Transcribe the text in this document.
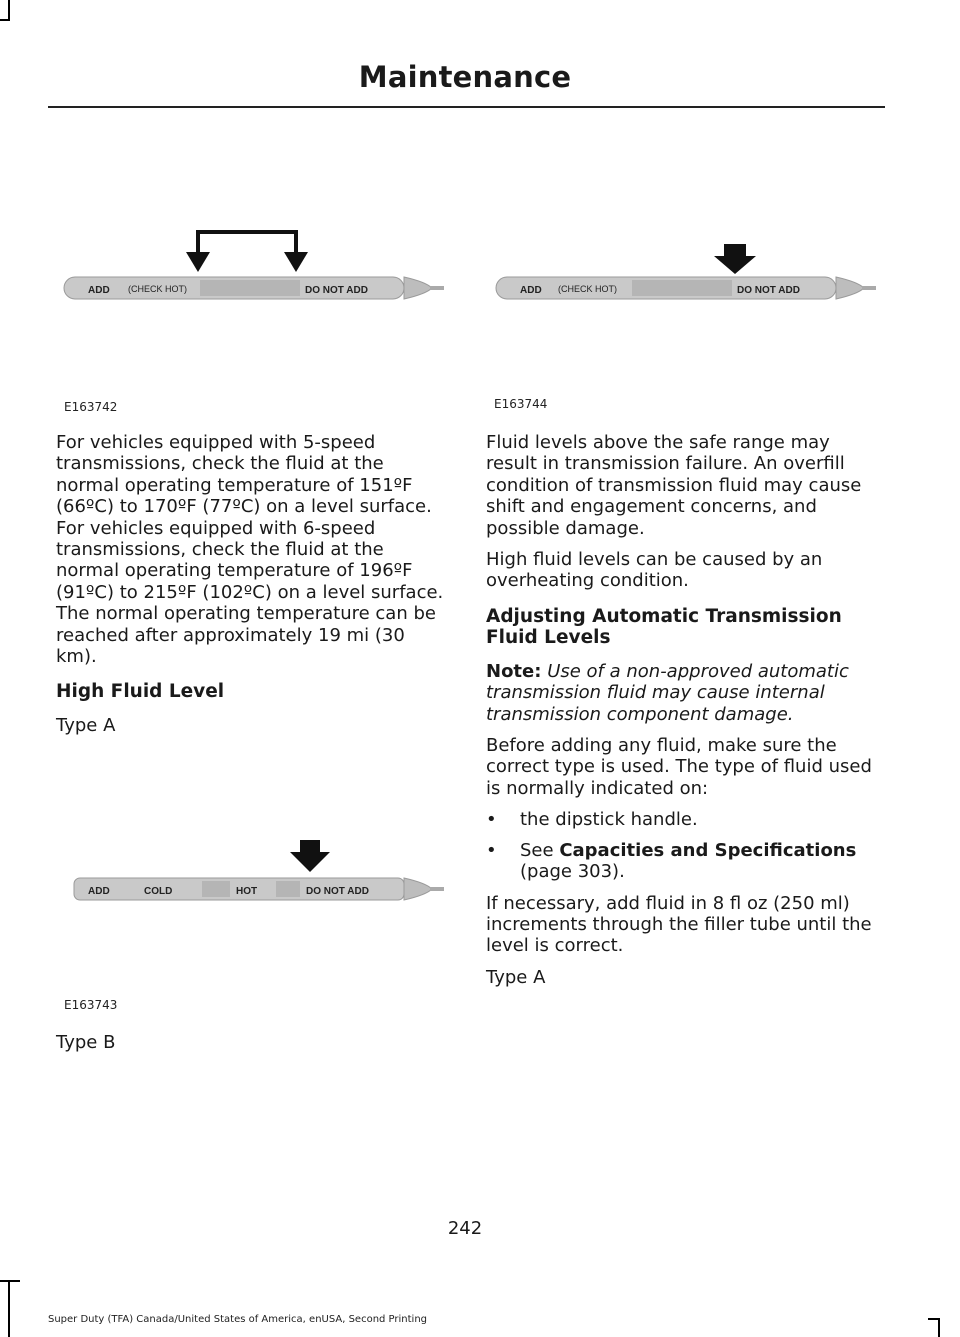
Maintenance
ADD (CHECK HOT)	DO NOT ADD
E163742
ADD (CHECK HOT)	DO NOT ADD
E163744

For vehicles equipped with 5-speed transmissions, check the fluid at the normal operating temperature of 151ºF (66ºC) to 170ºF (77ºC) on a level surface. For vehicles equipped with 6-speed transmissions, check the fluid at the normal operating temperature of 196ºF (91ºC) to 215ºF (102ºC) on a level surface. The normal operating temperature can be reached after approximately 19 mi (30 km).

High Fluid Level

Type A

ADD	COLD	HOT	DO NOT ADD
E163743

Type B

Fluid levels above the safe range may result in transmission failure. An overfill condition of transmission fluid may cause shift and engagement concerns, and possible damage.

High fluid levels can be caused by an overheating condition.

Adjusting Automatic Transmission Fluid Levels

Note: Use of a non-approved automatic transmission fluid may cause internal transmission component damage.

Before adding any fluid, make sure the correct type is used. The type of fluid used is normally indicated on:

• the dipstick handle.
• See Capacities and Specifications (page 303).

If necessary, add fluid in 8 fl oz (250 ml) increments through the filler tube until the level is correct.

Type A

242
Super Duty (TFA) Canada/United States of America, enUSA, Second Printing
